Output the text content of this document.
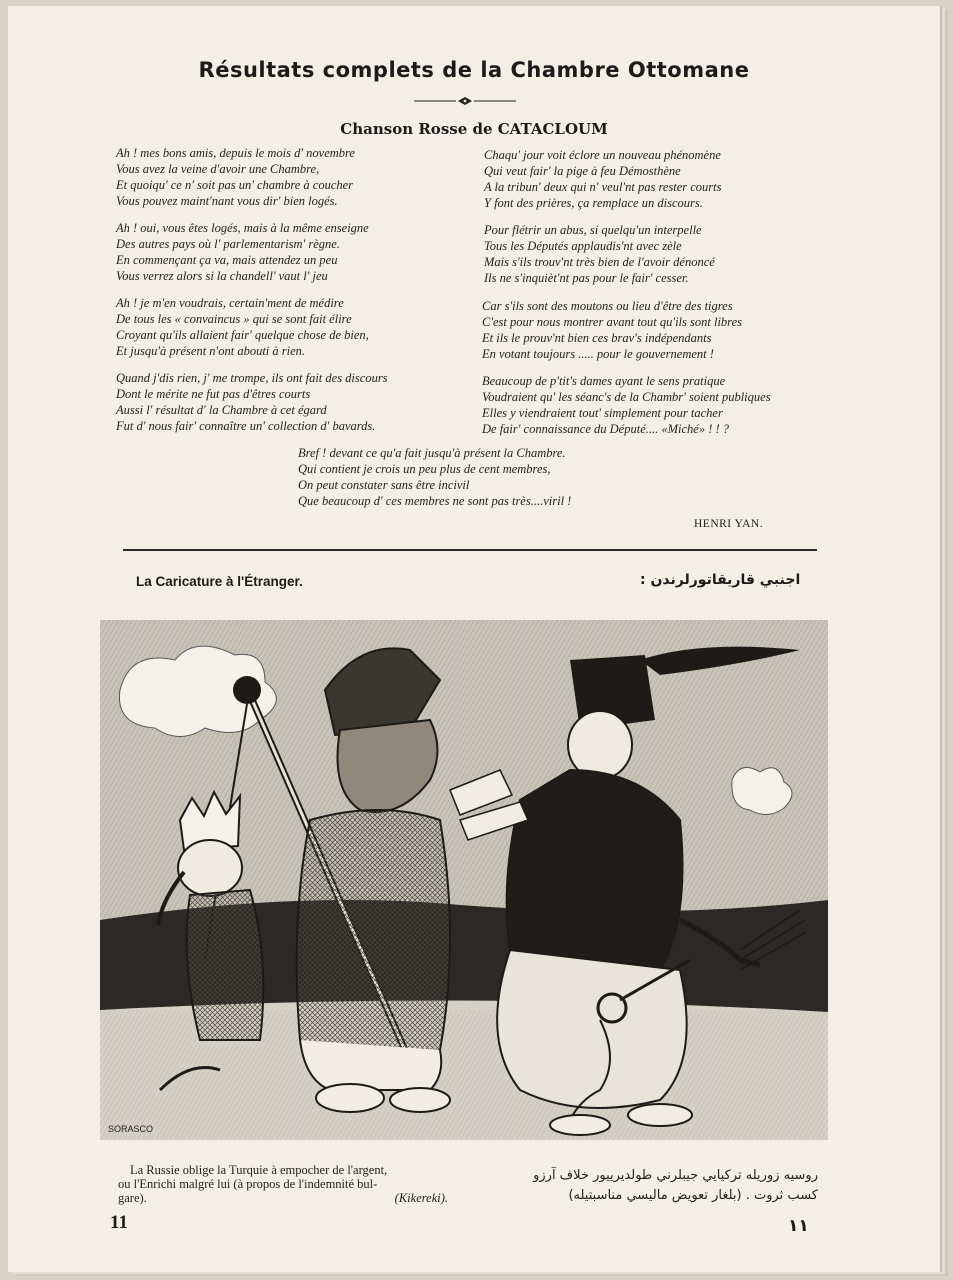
Résultats complets de la Chambre Ottomane
Chanson Rosse de CATACLOUM
Ah ! mes bons amis, depuis le mois d' novembre
Vous avez la veine d'avoir une Chambre,
Et quoiqu' ce n' soit pas un' chambre à coucher
Vous pouvez maint'nant vous dir' bien logés.
Ah ! oui, vous êtes logés, mais à la même enseigne
Des autres pays où l' parlementarism' règne.
En commençant ça va, mais attendez un peu
Vous verrez alors si la chandell' vaut l' jeu
Ah ! je m'en voudrais, certain'ment de médire
De tous les « convaincus » qui se sont fait élire
Croyant qu'ils allaient fair' quelque chose de bien,
Et jusqu'à présent n'ont abouti à rien.
Quand j'dis rien, j' me trompe, ils ont fait des discours
Dont le mérite ne fut pas d'êtres courts
Aussi l' résultat d' la Chambre à cet égard
Fut d' nous fair' connaître un' collection d' bavards.
Chaqu' jour voit éclore un nouveau phénomène
Qui veut fair' la pige à feu Démosthène
A la tribun' deux qui n' veul'nt pas rester courts
Y font des prières, ça remplace un discours.
Pour flétrir un abus, si quelqu'un interpelle
Tous les Députés applaudis'nt avec zèle
Mais s'ils trouv'nt très bien de l'avoir dénoncé
Ils ne s'inquièt'nt pas pour le fair' cesser.
Car s'ils sont des moutons ou lieu d'être des tigres
C'est pour nous montrer avant tout qu'ils sont libres
Et ils le prouv'nt bien ces brav's indépendants
En votant toujours ..... pour le gouvernement !
Beaucoup de p'tit's dames ayant le sens pratique
Voudraient qu' les séanc's de la Chambr' soient publiques
Elles y viendraient tout' simplement pour tacher
De fair' connaissance du Député.... «Miché» ! ! ?
Bref ! devant ce qu'a fait jusqu'à présent la Chambre.
Qui contient je crois un peu plus de cent membres,
On peut constater sans être incivil
Que beaucoup d' ces membres ne sont pas très....viril !
HENRI YAN.
La Caricature à l'Étranger.	اجنبي قاريقاتورلرندن :
SORASCO
La Russie oblige la Turquie à empocher de l'argent,
ou l'Enrichi malgré lui (à propos de l'indemnité bul-
gare).	(Kikereki).
روسيه زوريله تركيايي جيبلرني طولديرييور خلاف آرزو
كسب ثروت . (بلغار تعويض ماليسي مناسبتيله)
11	١١
